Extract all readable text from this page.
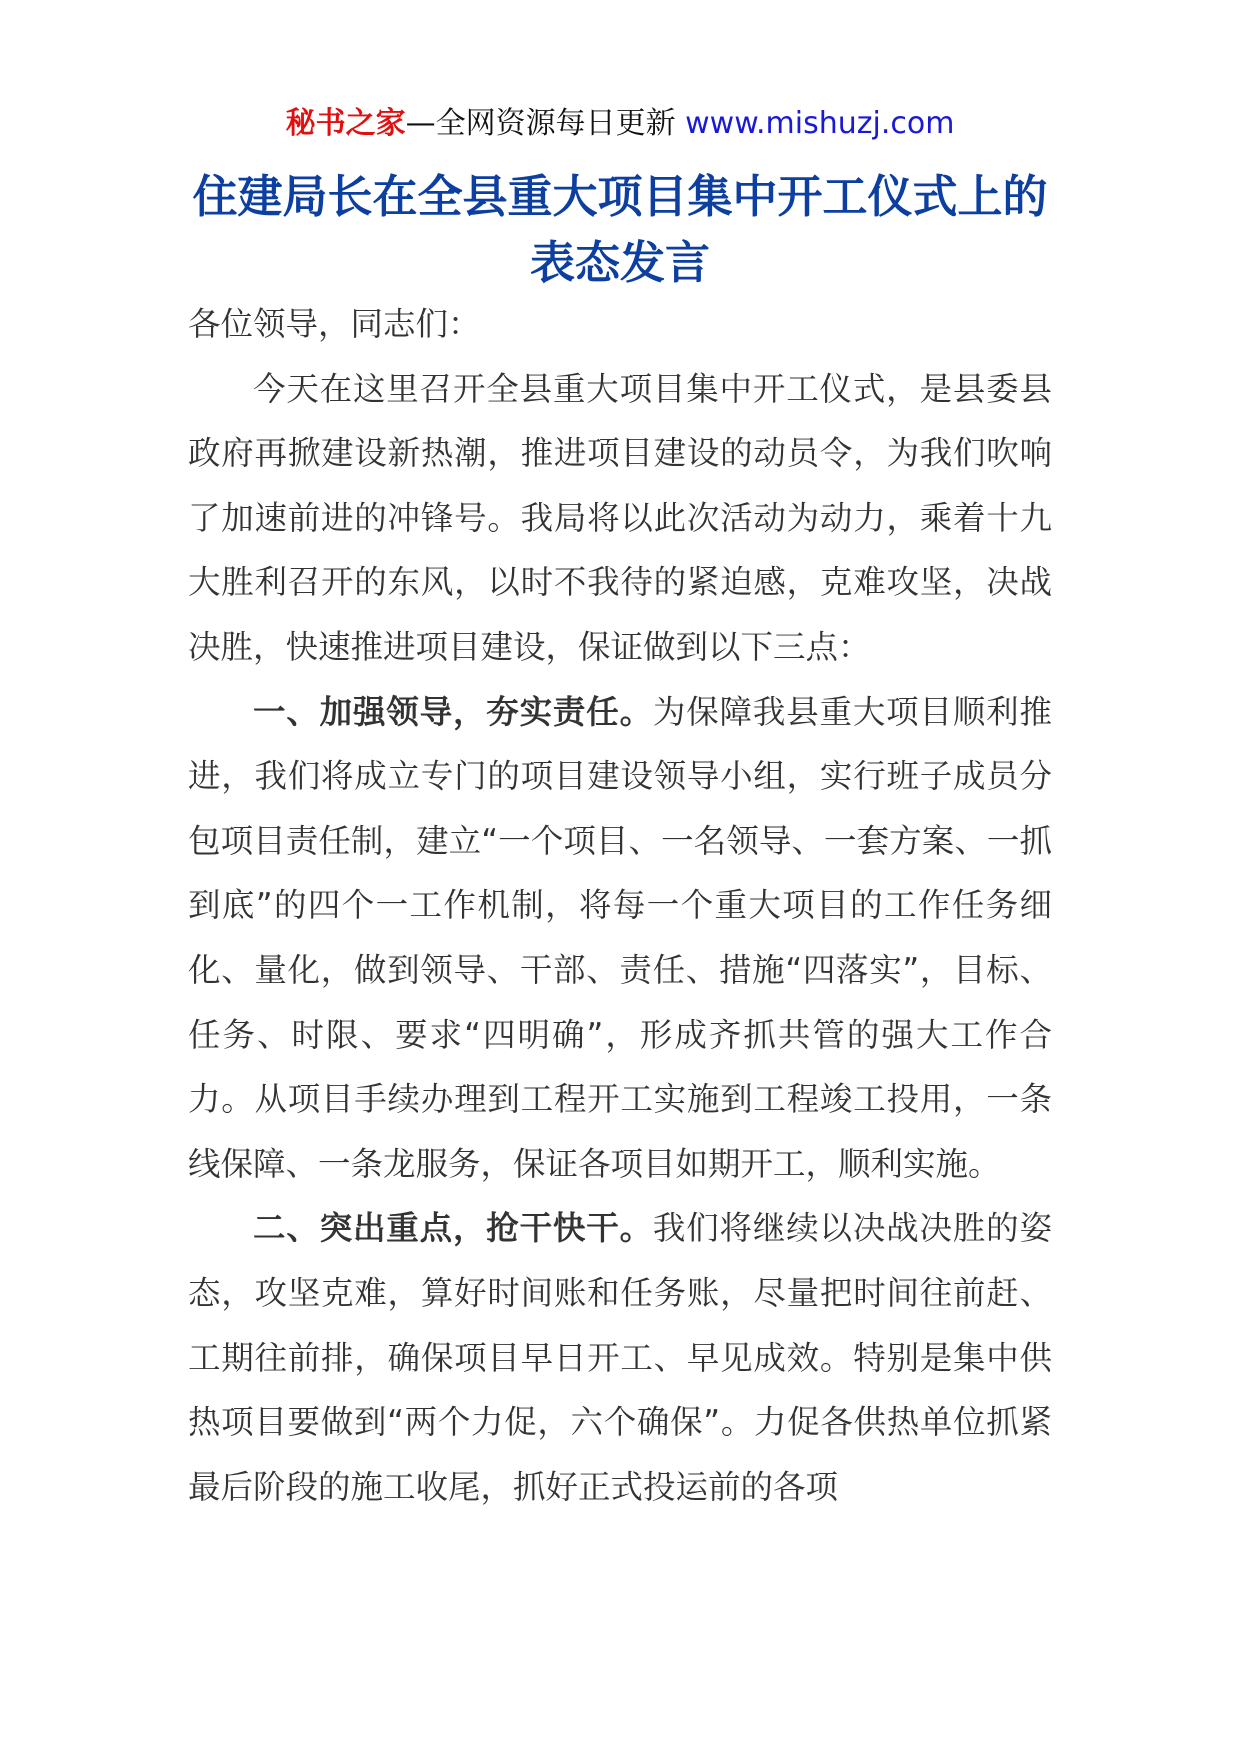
秘书之家—全网资源每日更新 www.mishuzj.com
住建局长在全县重大项目集中开工仪式上的表态发言

各位领导，同志们：

今天在这里召开全县重大项目集中开工仪式，是县委县政府再掀建设新热潮，推进项目建设的动员令，为我们吹响了加速前进的冲锋号。我局将以此次活动为动力，乘着十九大胜利召开的东风，以时不我待的紧迫感，克难攻坚，决战决胜，快速推进项目建设，保证做到以下三点：

一、加强领导，夯实责任。为保障我县重大项目顺利推进，我们将成立专门的项目建设领导小组，实行班子成员分包项目责任制，建立“一个项目、一名领导、一套方案、一抓到底”的四个一工作机制，将每一个重大项目的工作任务细化、量化，做到领导、干部、责任、措施“四落实”，目标、任务、时限、要求“四明确”，形成齐抓共管的强大工作合力。从项目手续办理到工程开工实施到工程竣工投用，一条线保障、一条龙服务，保证各项目如期开工，顺利实施。

二、突出重点，抢干快干。我们将继续以决战决胜的姿态，攻坚克难，算好时间账和任务账，尽量把时间往前赶、工期往前排，确保项目早日开工、早见成效。特别是集中供热项目要做到“两个力促，六个确保”。力促各供热单位抓紧最后阶段的施工收尾，抓好正式投运前的各项
